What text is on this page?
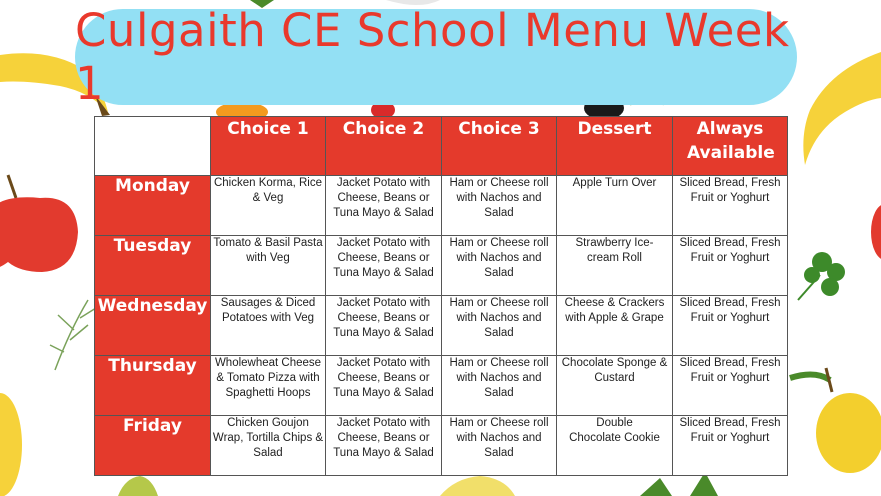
Culgaith CE School Menu Week 1
	Choice 1	Choice 2	Choice 3	Dessert	Always Available
Monday	Chicken Korma, Rice & Veg	Jacket Potato with Cheese, Beans or Tuna Mayo & Salad	Ham or Cheese roll with Nachos and Salad	Apple Turn Over	Sliced Bread, Fresh Fruit or Yoghurt
Tuesday	Tomato & Basil Pasta with Veg	Jacket Potato with Cheese, Beans or Tuna Mayo & Salad	Ham or Cheese roll with Nachos and Salad	Strawberry Ice-cream Roll	Sliced Bread, Fresh Fruit or Yoghurt
Wednesday	Sausages & Diced Potatoes with Veg	Jacket Potato with Cheese, Beans or Tuna Mayo & Salad	Ham or Cheese roll with Nachos and Salad	Cheese & Crackers with Apple & Grape	Sliced Bread, Fresh Fruit or Yoghurt
Thursday	Wholewheat Cheese & Tomato Pizza with Spaghetti Hoops	Jacket Potato with Cheese, Beans or Tuna Mayo & Salad	Ham or Cheese roll with Nachos and Salad	Chocolate Sponge & Custard	Sliced Bread, Fresh Fruit or Yoghurt
Friday	Chicken Goujon Wrap, Tortilla Chips & Salad	Jacket Potato with Cheese, Beans or Tuna Mayo & Salad	Ham or Cheese roll with Nachos and Salad	Double Chocolate Cookie	Sliced Bread, Fresh Fruit or Yoghurt
